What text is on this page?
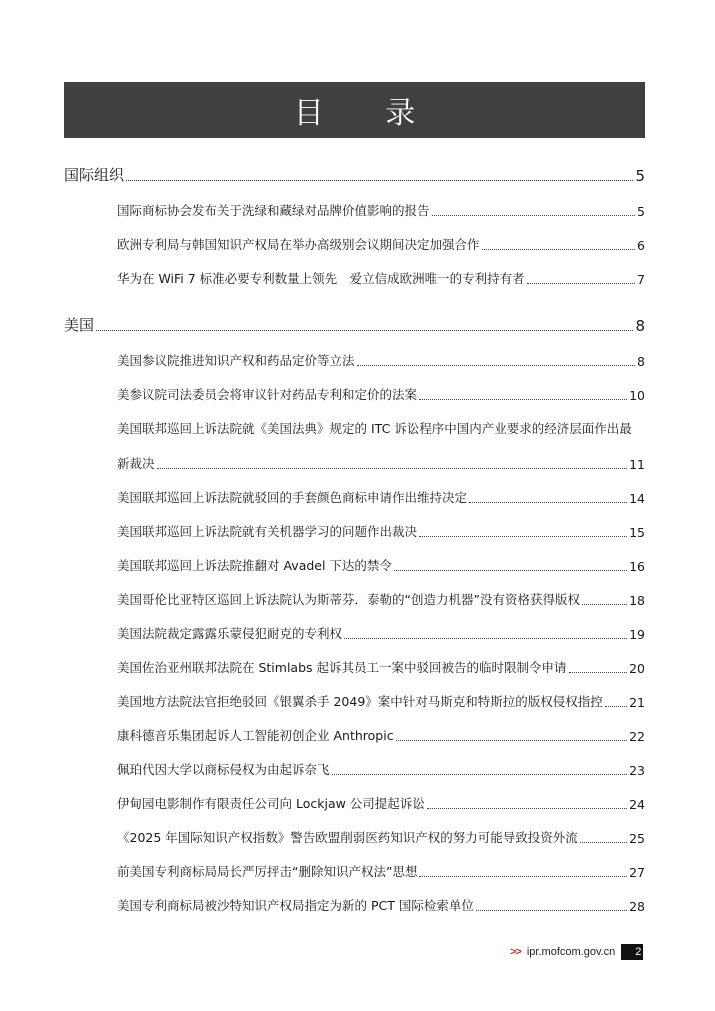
目 录
国际组织	5
国际商标协会发布关于洗绿和藏绿对品牌价值影响的报告	5
欧洲专利局与韩国知识产权局在举办高级别会议期间决定加强合作	6
华为在 WiFi 7 标准必要专利数量上领先　爱立信成欧洲唯一的专利持有者	7
美国	8
美国参议院推进知识产权和药品定价等立法	8
美参议院司法委员会将审议针对药品专利和定价的法案	10
美国联邦巡回上诉法院就《美国法典》规定的 ITC 诉讼程序中国内产业要求的经济层面作出最
新裁决	11
美国联邦巡回上诉法院就驳回的手套颜色商标申请作出维持决定	14
美国联邦巡回上诉法院就有关机器学习的问题作出裁决	15
美国联邦巡回上诉法院推翻对 Avadel 下达的禁令	16
美国哥伦比亚特区巡回上诉法院认为斯蒂芬．泰勒的“创造力机器”没有资格获得版权	18
美国法院裁定露露乐蒙侵犯耐克的专利权	19
美国佐治亚州联邦法院在 Stimlabs 起诉其员工一案中驳回被告的临时限制令申请	20
美国地方法院法官拒绝驳回《银翼杀手 2049》案中针对马斯克和特斯拉的版权侵权指控 21
康科德音乐集团起诉人工智能初创企业 Anthropic	22
佩珀代因大学以商标侵权为由起诉奈飞	23
伊甸园电影制作有限责任公司向 Lockjaw 公司提起诉讼	24
《2025 年国际知识产权指数》警告欧盟削弱医药知识产权的努力可能导致投资外流	25
前美国专利商标局局长严厉抨击“删除知识产权法”思想	27
美国专利商标局被沙特知识产权局指定为新的 PCT 国际检索单位	28
>> ipr.mofcom.gov.cn	2
